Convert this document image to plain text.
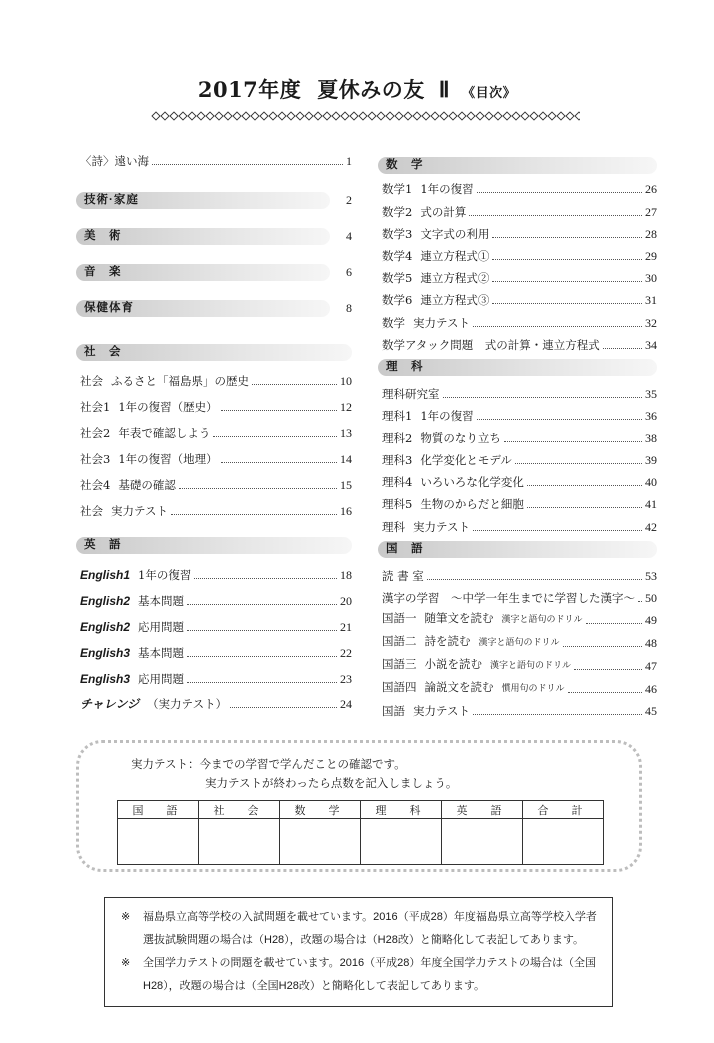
2017年度 夏休みの友 Ⅱ 《目次》
〈詩〉遠い海	1
技術·家庭	2
美　術	4
音　楽	6
保健体育	8
社　会
社会 ふるさと「福島県」の歴史	10
社会1 1年の復習（歴史）	12
社会2 年表で確認しよう	13
社会3 1年の復習（地理）	14
社会4 基礎の確認	15
社会 実力テスト	16
英　語
English1 1年の復習	18
English2 基本問題	20
English2 応用問題	21
English3 基本問題	22
English3 応用問題	23
チャレンジ （実力テスト）	24
数　学
数学1 1年の復習	26
数学2 式の計算	27
数学3 文字式の利用	28
数学4 連立方程式①	29
数学5 連立方程式②	30
数学6 連立方程式③	31
数学 実力テスト	32
数学アタック問題　式の計算・連立方程式	34
理　科
理科研究室	35
理科1 1年の復習	36
理科2 物質のなり立ち	38
理科3 化学変化とモデル	39
理科4 いろいろな化学変化	40
理科5 生物のからだと細胞	41
理科 実力テスト	42
国　語
読 書 室	53
漢字の学習　～中学一年生までに学習した漢字～ 50
国語一 随筆文を読む 漢字と語句のドリル	49
国語二 詩を読む 漢字と語句のドリル	48
国語三 小説を読む 漢字と語句のドリル	47
国語四 論説文を読む 慣用句のドリル	46
国語 実力テスト	45
実力テスト：今までの学習で学んだことの確認です。
実力テストが終わったら点数を記入しましょう。
国　語	社　会	数　学	理　科	英　語	合　計

※ 福島県立高等学校の入試問題を載せています。2016（平成28）年度福島県立高等学校入学者選抜試験問題の場合は（H28），改題の場合は（H28改）と簡略化して表記してあります。
※ 全国学力テストの問題を載せています。2016（平成28）年度全国学力テストの場合は（全国H28），改題の場合は（全国H28改）と簡略化して表記してあります。
